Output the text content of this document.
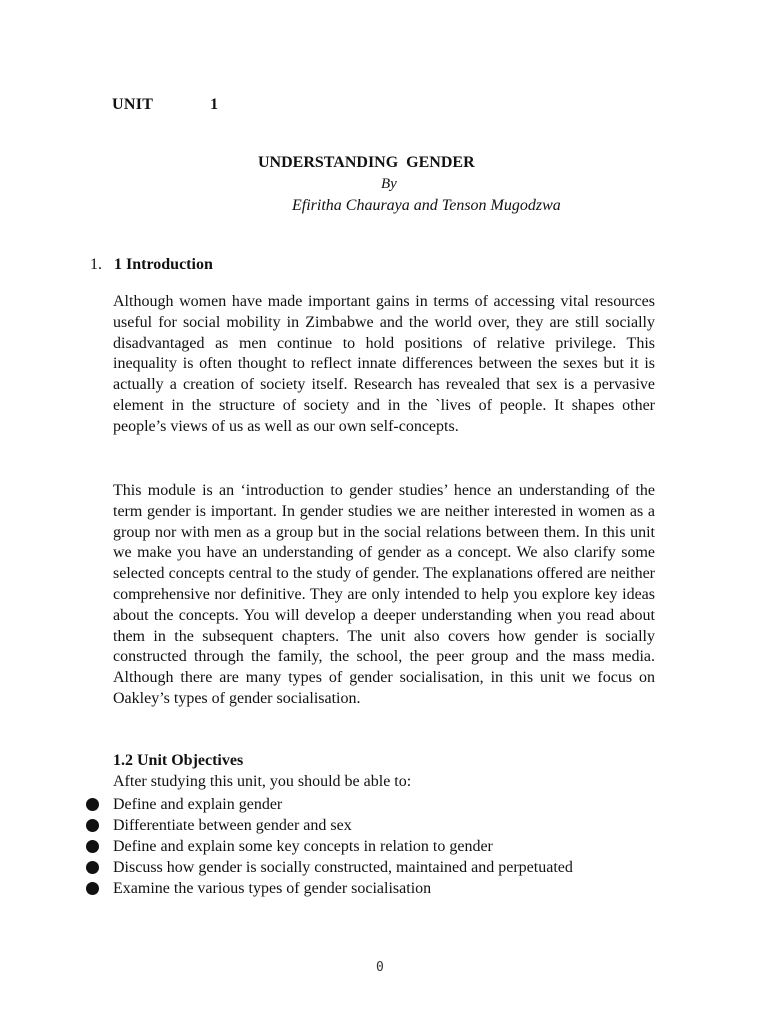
UNIT    1
UNDERSTANDING GENDER
By
Efiritha Chauraya and Tenson Mugodzwa
1. 1 Introduction

Although women have made important gains in terms of accessing vital resources useful for social mobility in Zimbabwe and the world over, they are still socially disadvantaged as men continue to hold positions of relative privilege. This inequality is often thought to reflect innate differences between the sexes but it is actually a creation of society itself. Research has revealed that sex is a pervasive element in the structure of society and in the `lives of people. It shapes other people’s views of us as well as our own self-concepts.

This module is an ‘introduction to gender studies’ hence an understanding of the term gender is important. In gender studies we are neither interested in women as a group nor with men as a group but in the social relations between them. In this unit we make you have an understanding of gender as a concept. We also clarify some selected concepts central to the study of gender. The explanations offered are neither comprehensive nor definitive. They are only intended to help you explore key ideas about the concepts. You will develop a deeper understanding when you read about them in the subsequent chapters. The unit also covers how gender is socially constructed through the family, the school, the peer group and the mass media. Although there are many types of gender socialisation, in this unit we focus on Oakley’s types of gender socialisation.

1.2 Unit Objectives
After studying this unit, you should be able to:
Define and explain gender
Differentiate between gender and sex
Define and explain some key concepts in relation to gender
Discuss how gender is socially constructed, maintained and perpetuated
Examine the various types of gender socialisation
0
